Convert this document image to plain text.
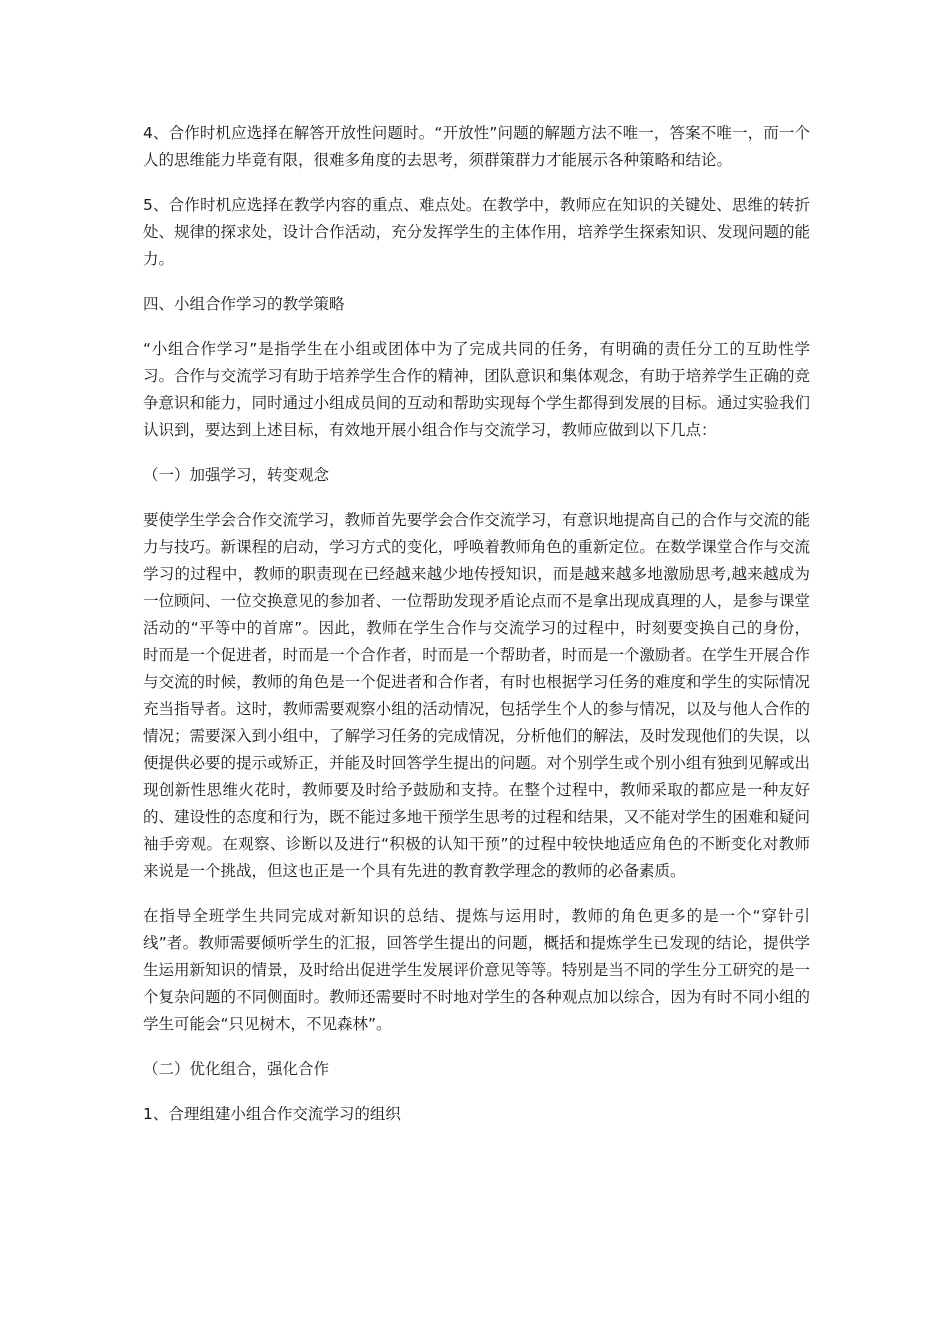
4、合作时机应选择在解答开放性问题时。“开放性”问题的解题方法不唯一，答案不唯一，而一个人的思维能力毕竟有限，很难多角度的去思考，须群策群力才能展示各种策略和结论。

5、合作时机应选择在教学内容的重点、难点处。在教学中，教师应在知识的关键处、思维的转折处、规律的探求处，设计合作活动，充分发挥学生的主体作用，培养学生探索知识、发现问题的能力。

四、小组合作学习的教学策略

“小组合作学习”是指学生在小组或团体中为了完成共同的任务，有明确的责任分工的互助性学习。合作与交流学习有助于培养学生合作的精神，团队意识和集体观念，有助于培养学生正确的竞争意识和能力，同时通过小组成员间的互动和帮助实现每个学生都得到发展的目标。通过实验我们认识到，要达到上述目标，有效地开展小组合作与交流学习，教师应做到以下几点：

（一）加强学习，转变观念

要使学生学会合作交流学习，教师首先要学会合作交流学习，有意识地提高自己的合作与交流的能力与技巧。新课程的启动，学习方式的变化，呼唤着教师角色的重新定位。在数学课堂合作与交流学习的过程中，教师的职责现在已经越来越少地传授知识，而是越来越多地激励思考,越来越成为一位顾问、一位交换意见的参加者、一位帮助发现矛盾论点而不是拿出现成真理的人，是参与课堂活动的“平等中的首席”。因此，教师在学生合作与交流学习的过程中，时刻要变换自己的身份，时而是一个促进者，时而是一个合作者，时而是一个帮助者，时而是一个激励者。在学生开展合作与交流的时候，教师的角色是一个促进者和合作者，有时也根据学习任务的难度和学生的实际情况充当指导者。这时，教师需要观察小组的活动情况，包括学生个人的参与情况，以及与他人合作的情况；需要深入到小组中，了解学习任务的完成情况，分析他们的解法，及时发现他们的失误，以便提供必要的提示或矫正，并能及时回答学生提出的问题。对个别学生或个别小组有独到见解或出现创新性思维火花时，教师要及时给予鼓励和支持。在整个过程中，教师采取的都应是一种友好的、建设性的态度和行为，既不能过多地干预学生思考的过程和结果，又不能对学生的困难和疑问袖手旁观。在观察、诊断以及进行“积极的认知干预”的过程中较快地适应角色的不断变化对教师来说是一个挑战，但这也正是一个具有先进的教育教学理念的教师的必备素质。

在指导全班学生共同完成对新知识的总结、提炼与运用时，教师的角色更多的是一个“穿针引线”者。教师需要倾听学生的汇报，回答学生提出的问题，概括和提炼学生已发现的结论，提供学生运用新知识的情景，及时给出促进学生发展评价意见等等。特别是当不同的学生分工研究的是一个复杂问题的不同侧面时。教师还需要时不时地对学生的各种观点加以综合，因为有时不同小组的学生可能会“只见树木，不见森林”。

（二）优化组合，强化合作

1、合理组建小组合作交流学习的组织
